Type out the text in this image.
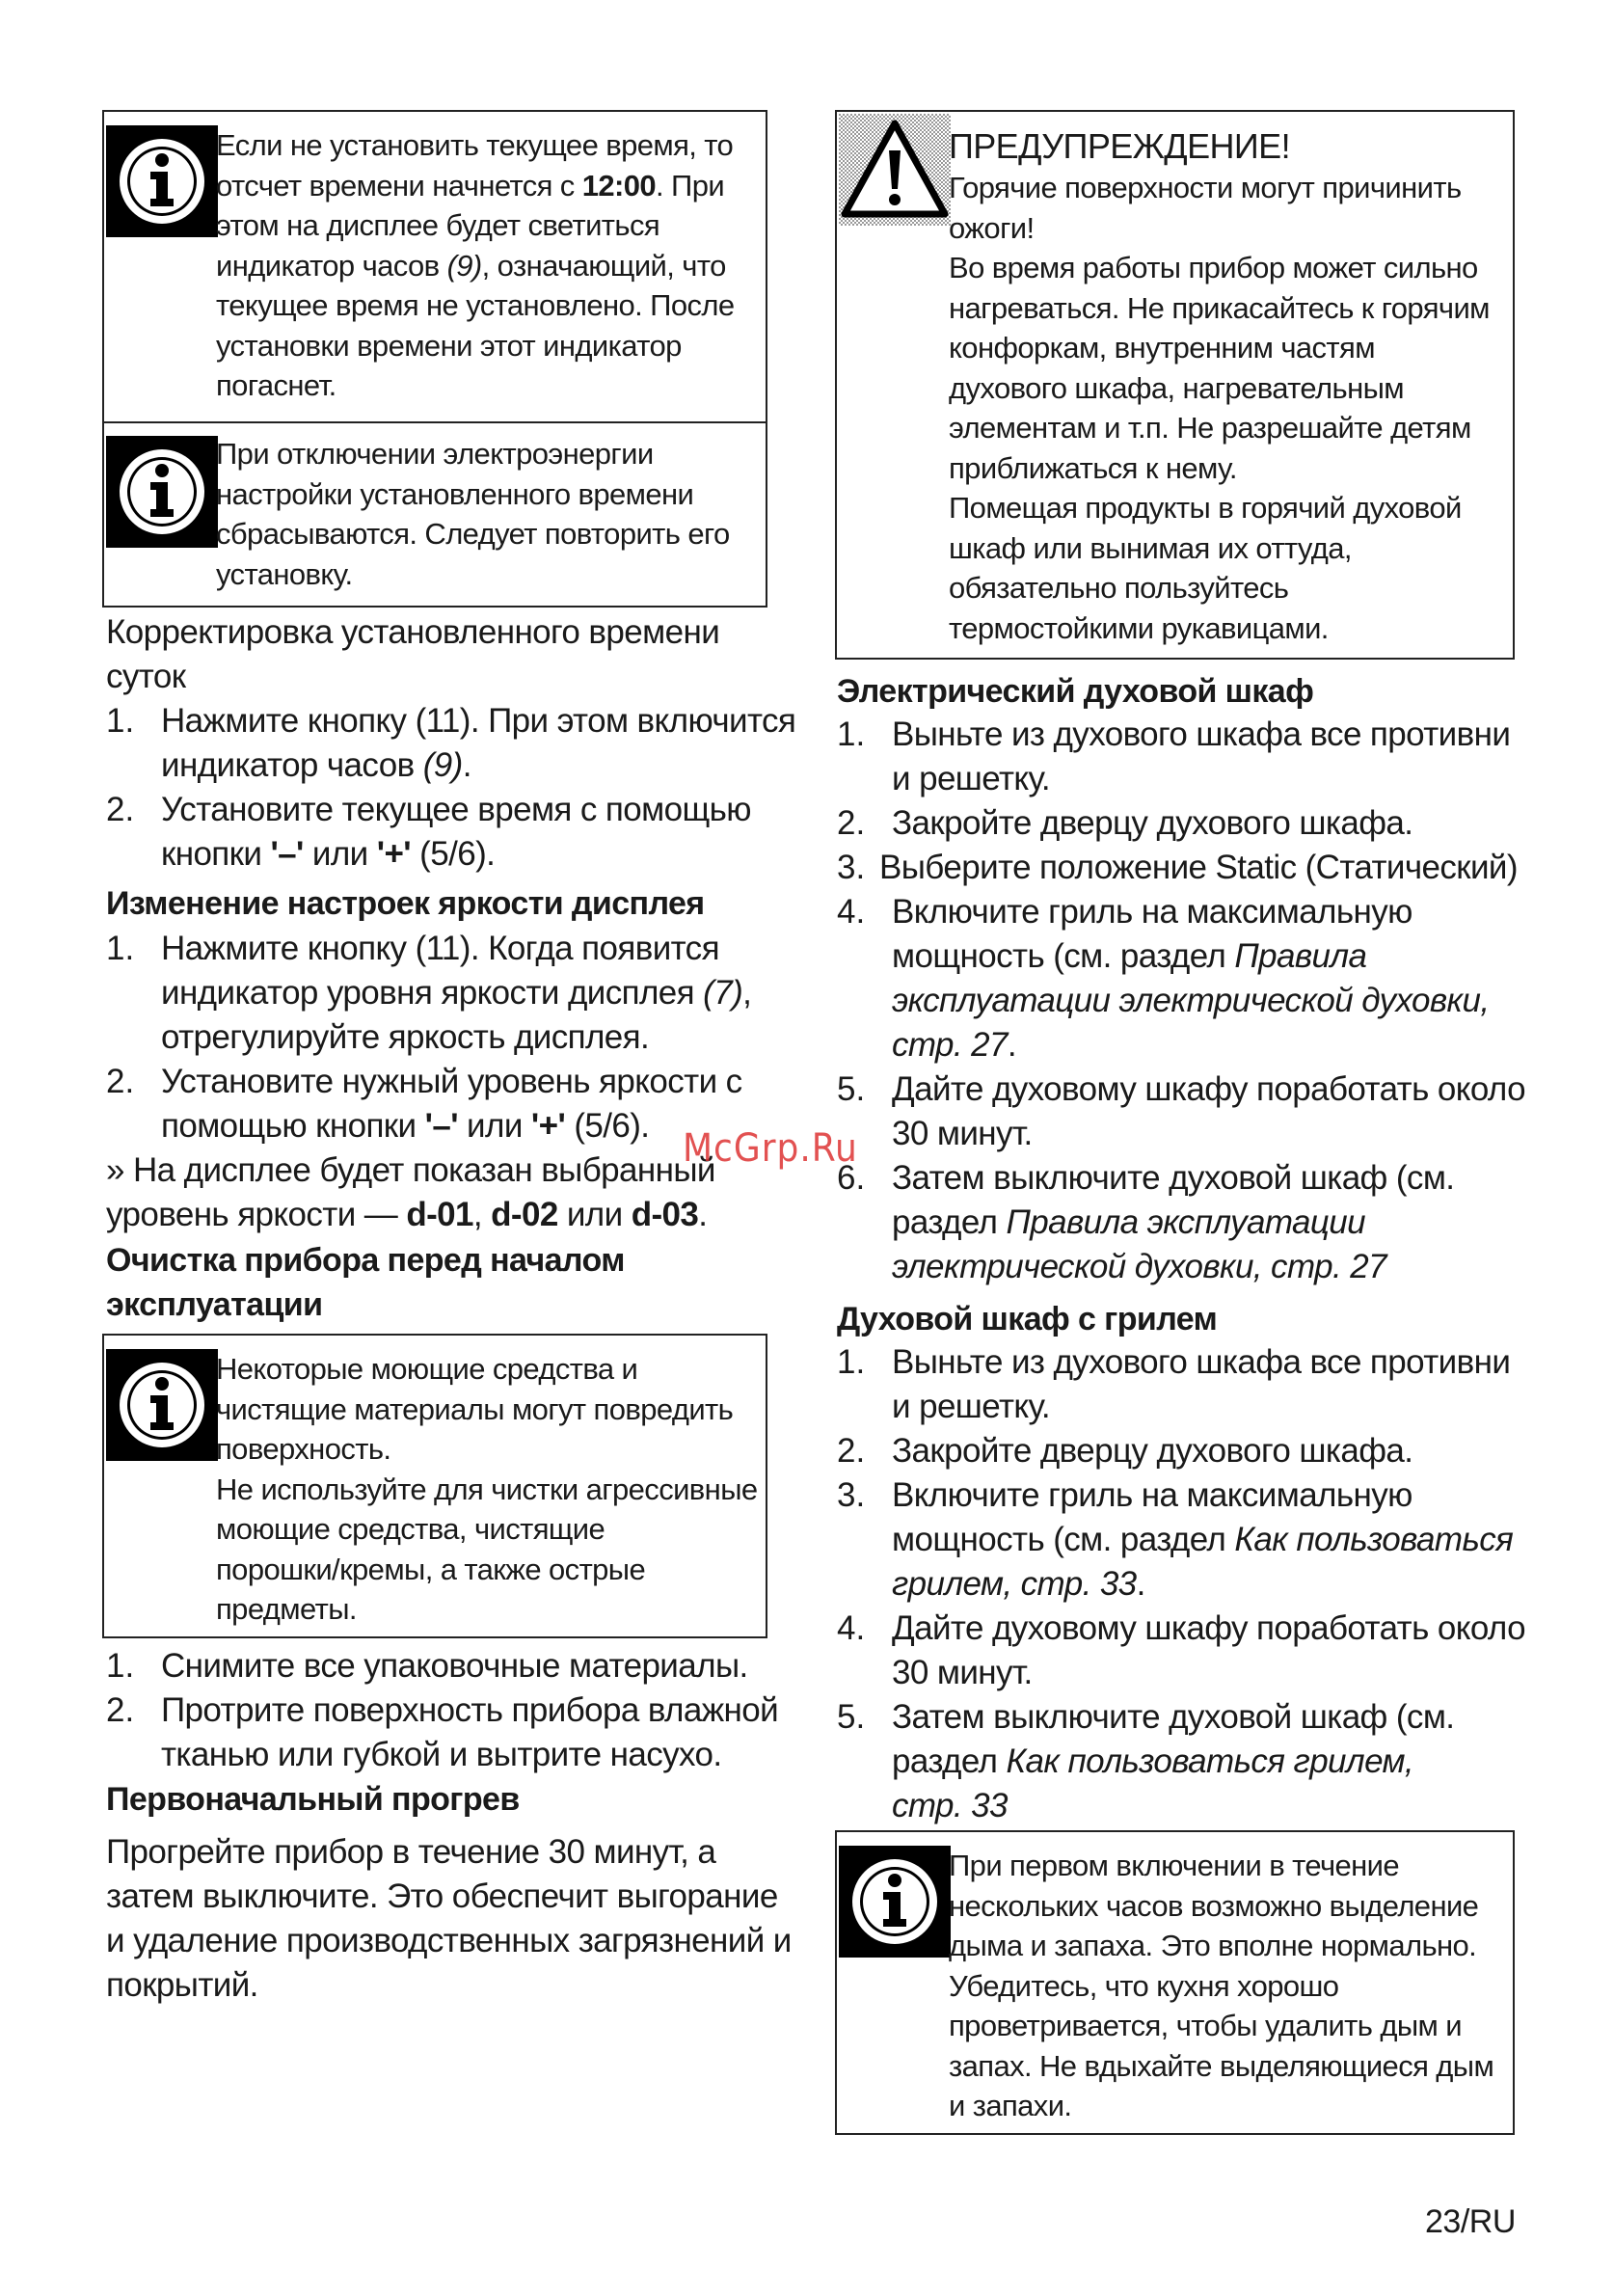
Если не установить текущее время, то

отсчет времени начнется с 12:00. При

этом на дисплее будет светиться

индикатор часов (9), означающий, что

текущее время не установлено. После

установки времени этот индикатор

погаснет.

При отключении электроэнергии

настройки установленного времени

сбрасываются. Следует повторить его

установку.

Корректировка установленного времени
суток
1. Нажмите кнопку (11). При этом включится
индикатор часов (9).
2. Установите текущее время с помощью
кнопки '–' или '+' (5/6).
Изменение настроек яркости дисплея
1. Нажмите кнопку (11). Когда появится
индикатор уровня яркости дисплея (7),
отрегулируйте яркость дисплея.
2. Установите нужный уровень яркости с
помощью кнопки '–' или '+' (5/6).
» На дисплее будет показан выбранный
уровень яркости — d-01, d-02 или d-03.
Очистка прибора перед началом
эксплуатации

Некоторые моющие средства и

чистящие материалы могут повредить

поверхность.

Не используйте для чистки агрессивные

моющие средства, чистящие

порошки/кремы, а также острые

предметы.

1. Снимите все упаковочные материалы.
2. Протрите поверхность прибора влажной
тканью или губкой и вытрите насухо.
Первоначальный прогрев
Прогрейте прибор в течение 30 минут, а
затем выключите. Это обеспечит выгорание
и удаление производственных загрязнений и
покрытий.

ПРЕДУПРЕЖДЕНИЕ!

Горячие поверхности могут причинить

ожоги!

Во время работы прибор может сильно

нагреваться. Не прикасайтесь к горячим

конфоркам, внутренним частям

духового шкафа, нагревательным

элементам и т.п. Не разрешайте детям

приближаться к нему.

Помещая продукты в горячий духовой

шкаф или вынимая их оттуда,

обязательно пользуйтесь

термостойкими рукавицами.

Электрический духовой шкаф
1. Выньте из духового шкафа все противни
и решетку.
2. Закройте дверцу духового шкафа.
3. Выберите положение Static (Статический)
4. Включите гриль на максимальную
мощность (см. раздел Правила
эксплуатации электрической духовки,
стр. 27.
5. Дайте духовому шкафу поработать около
30 минут.
6. Затем выключите духовой шкаф (см.
раздел Правила эксплуатации
электрической духовки, стр. 27
Духовой шкаф с грилем
1. Выньте из духового шкафа все противни
и решетку.
2. Закройте дверцу духового шкафа.
3. Включите гриль на максимальную
мощность (см. раздел Как пользоваться
грилем, стр. 33.
4. Дайте духовому шкафу поработать около
30 минут.
5. Затем выключите духовой шкаф (см.
раздел Как пользоваться грилем,
стр. 33

При первом включении в течение

нескольких часов возможно выделение

дыма и запаха. Это вполне нормально.

Убедитесь, что кухня хорошо

проветривается, чтобы удалить дым и

запах. Не вдыхайте выделяющиеся дым

и запахи.

McGrp.Ru
23/RU
